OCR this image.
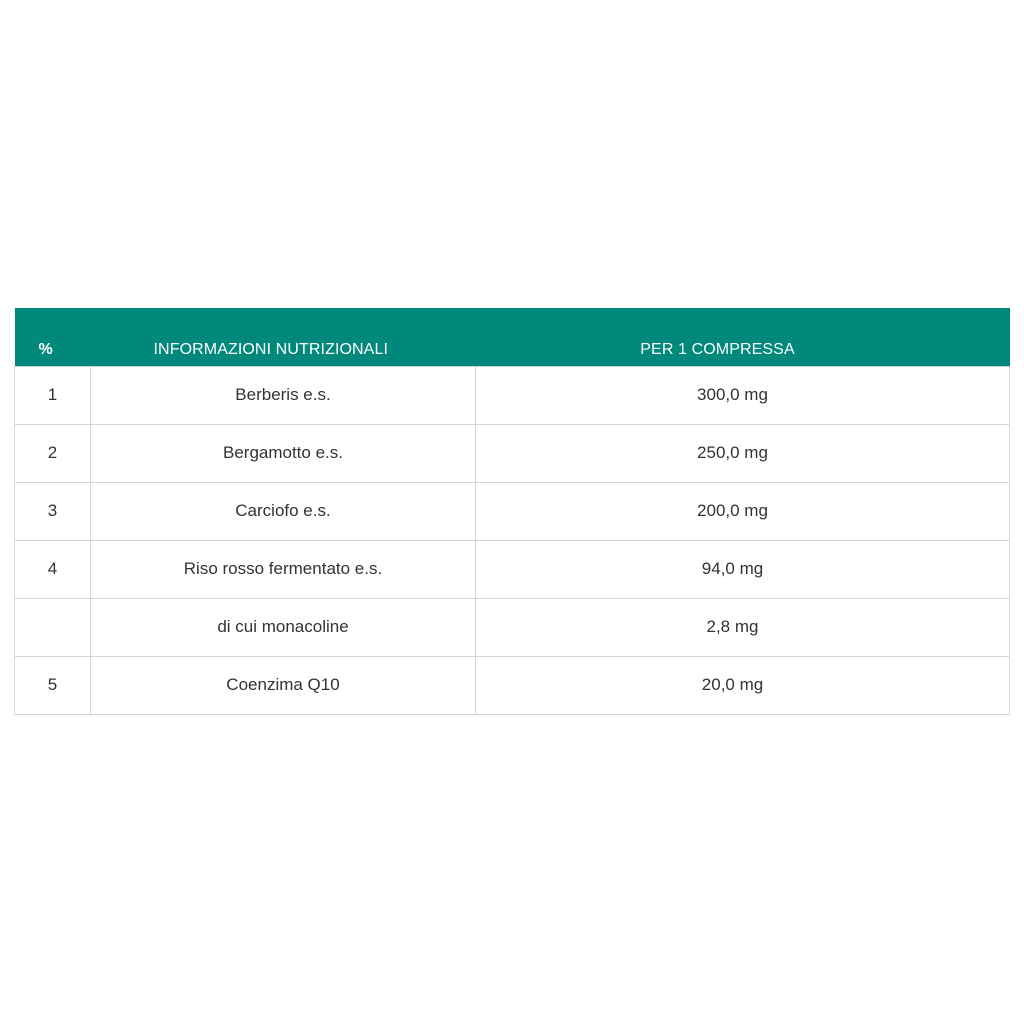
%	INFORMAZIONI NUTRIZIONALI	PER 1 COMPRESSA
1	Berberis e.s.	300,0 mg
2	Bergamotto e.s.	250,0 mg
3	Carciofo e.s.	200,0 mg
4	Riso rosso fermentato e.s.	94,0 mg
	di cui monacoline	2,8 mg
5	Coenzima Q10	20,0 mg
